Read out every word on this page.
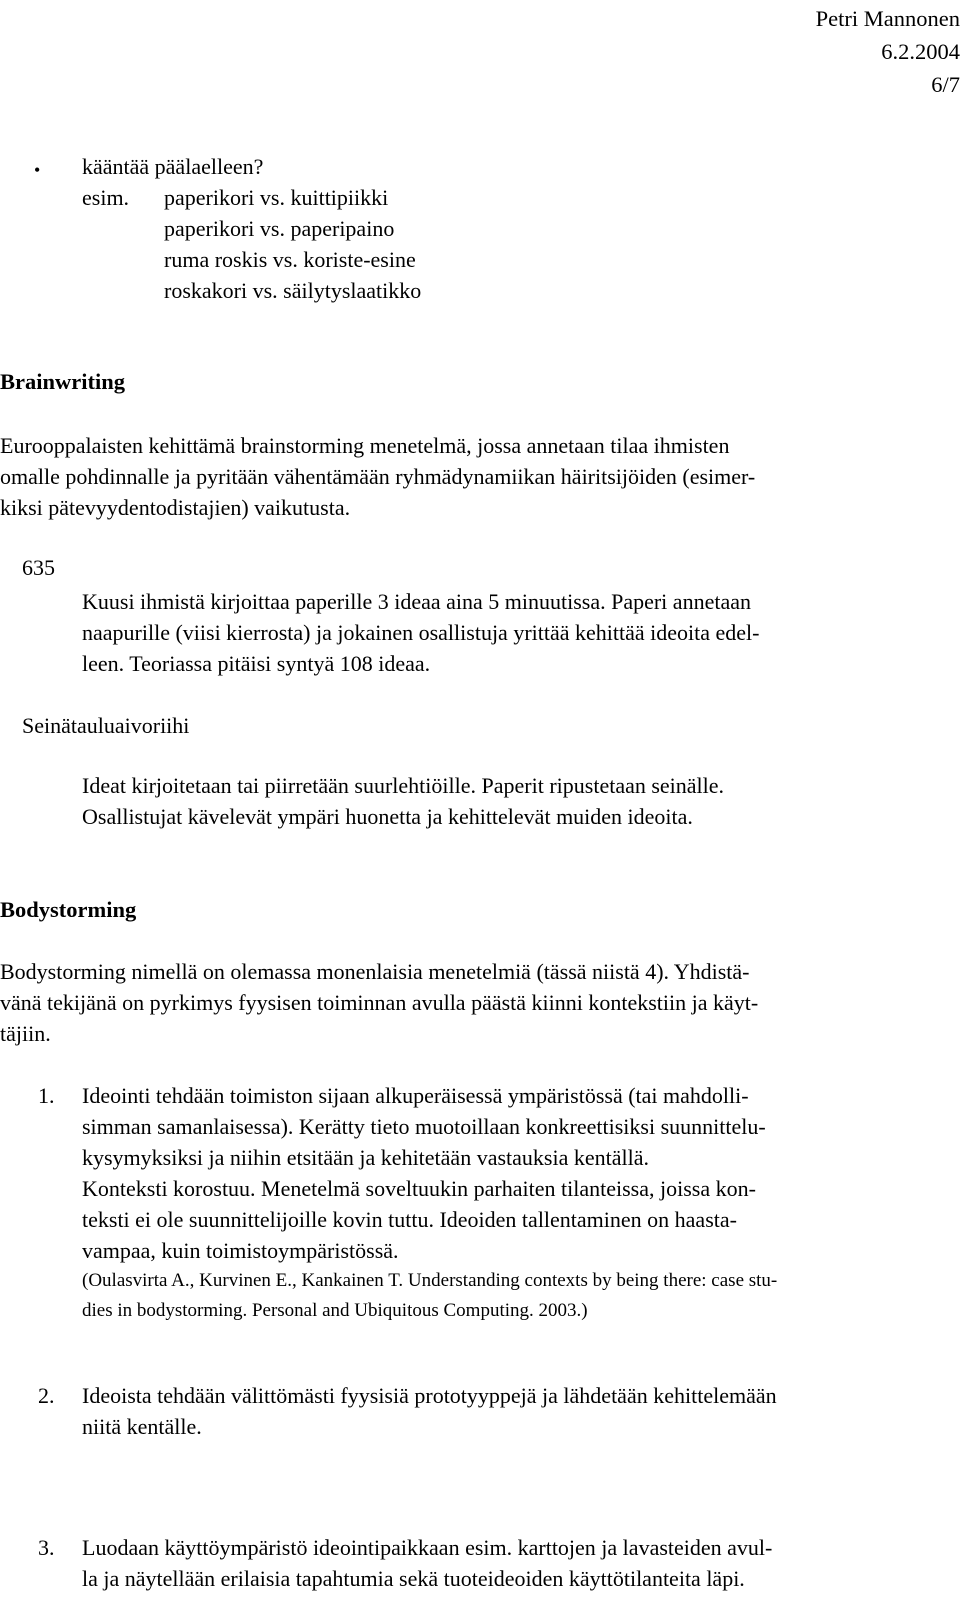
Petri Mannonen
6.2.2004
6/7
• kääntää päälaelleen?
esim. paperikori vs. kuittipiikki
paperikori vs. paperipaino
ruma roskis vs. koriste-esine
roskakori vs. säilytyslaatikko
Brainwriting
Eurooppalaisten kehittämä brainstorming menetelmä, jossa annetaan tilaa ihmisten
omalle pohdinnalle ja pyritään vähentämään ryhmädynamiikan häiritsijöiden (esimer-
kiksi pätevyydentodistajien) vaikutusta.
635
Kuusi ihmistä kirjoittaa paperille 3 ideaa aina 5 minuutissa. Paperi annetaan
naapurille (viisi kierrosta) ja jokainen osallistuja yrittää kehittää ideoita edel-
leen. Teoriassa pitäisi syntyä 108 ideaa.
Seinätauluaivoriihi
Ideat kirjoitetaan tai piirretään suurlehtiöille. Paperit ripustetaan seinälle.
Osallistujat kävelevät ympäri huonetta ja kehittelevät muiden ideoita.
Bodystorming
Bodystorming nimellä on olemassa monenlaisia menetelmiä (tässä niistä 4). Yhdistä-
vänä tekijänä on pyrkimys fyysisen toiminnan avulla päästä kiinni kontekstiin ja käyt-
täjiin.
1.	Ideointi tehdään toimiston sijaan alkuperäisessä ympäristössä (tai mahdolli-
simman samanlaisessa). Kerätty tieto muotoillaan konkreettisiksi suunnittelu-
kysymyksiksi ja niihin etsitään ja kehitetään vastauksia kentällä.
Konteksti korostuu. Menetelmä soveltuukin parhaiten tilanteissa, joissa kon-
teksti ei ole suunnittelijoille kovin tuttu. Ideoiden tallentaminen on haasta-
vampaa, kuin toimistoympäristössä.
(Oulasvirta A., Kurvinen E., Kankainen T. Understanding contexts by being there: case stu-
dies in bodystorming. Personal and Ubiquitous Computing. 2003.)
2.	Ideoista tehdään välittömästi fyysisiä prototyyppejä ja lähdetään kehittelemään
niitä kentälle.
3.	Luodaan käyttöympäristö ideointipaikkaan esim. karttojen ja lavasteiden avul-
la ja näytellään erilaisia tapahtumia sekä tuoteideoiden käyttötilanteita läpi.
